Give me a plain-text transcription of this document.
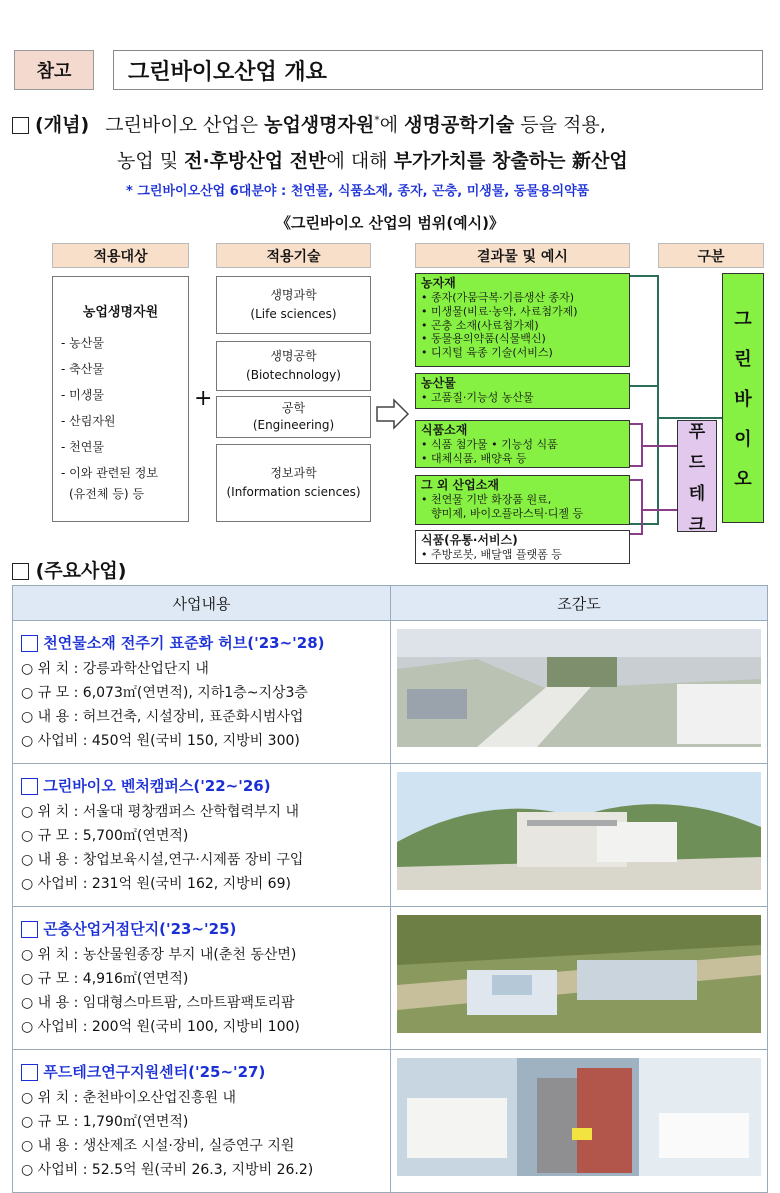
참고	그린바이오산업 개요
(개념) 그린바이오 산업은 농업생명자원*에 생명공학기술 등을 적용,
농업 및 전·후방산업 전반에 대해 부가가치를 창출하는 新산업
* 그린바이오산업 6대분야 : 천연물, 식품소재, 종자, 곤충, 미생물, 동물용의약품
《그린바이오 산업의 범위(예시)》
적용대상	적용기술	결과물 및 예시	구분
농업생명자원
- 농산물
- 축산물
- 미생물
- 산림자원
- 천연물
- 이와 관련된 정보
(유전체 등) 등
+
생명과학
(Life sciences)
생명공학
(Biotechnology)
공학
(Engineering)
정보과학
(Information sciences)
농자재
• 종자(가뭄극복·기름생산 종자)
• 미생물(비료·농약, 사료첨가제)
• 곤충 소재(사료첨가제)
• 동물용의약품(식물백신)
• 디지털 육종 기술(서비스)
농산물
• 고품질·기능성 농산물
식품소재
• 식품 첨가물 • 기능성 식품
• 대체식품, 배양육 등
그 외 산업소재
• 천연물 기반 화장품 원료,
향미제, 바이오플라스틱·디젤 등
식품(유통·서비스)
• 주방로봇, 배달앱 플랫폼 등
그
린
바
이
오
푸
드
테
크
(주요사업)
사업내용	조감도

천연물소재 전주기 표준화 허브('23~'28)
○ 위 치 : 강릉과학산업단지 내
○ 규 모 : 6,073㎡(연면적), 지하1층~지상3층
○ 내 용 : 허브건축, 시설장비, 표준화시범사업
○ 사업비 : 450억 원(국비 150, 지방비 300)

그린바이오 벤처캠퍼스('22~'26)
○ 위 치 : 서울대 평창캠퍼스 산학협력부지 내
○ 규 모 : 5,700㎡(연면적)
○ 내 용 : 창업보육시설,연구·시제품 장비 구입
○ 사업비 : 231억 원(국비 162, 지방비 69)

곤충산업거점단지('23~'25)
○ 위 치 : 농산물원종장 부지 내(춘천 동산면)
○ 규 모 : 4,916㎡(연면적)
○ 내 용 : 임대형스마트팜, 스마트팜팩토리팜
○ 사업비 : 200억 원(국비 100, 지방비 100)

푸드테크연구지원센터('25~'27)
○ 위 치 : 춘천바이오산업진흥원 내
○ 규 모 : 1,790㎡(연면적)
○ 내 용 : 생산제조 시설·장비, 실증연구 지원
○ 사업비 : 52.5억 원(국비 26.3, 지방비 26.2)
